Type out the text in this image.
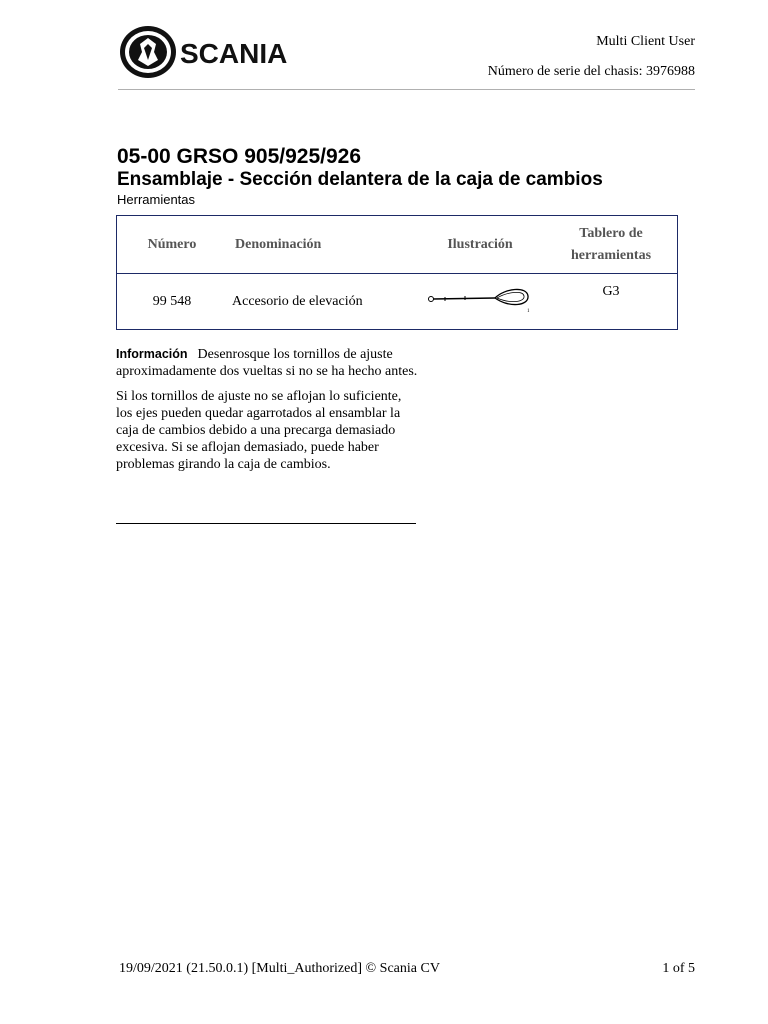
SCANIA	Multi Client User
Número de serie del chasis: 3976988

05-00 GRSO 905/925/926

Ensamblaje - Sección delantera de la caja de cambios

Herramientas

Número	Denominación	Ilustración	Tablero de
herramientas

99 548	Accesorio de elevación	1	G3

Información Desenrosque los tornillos de ajuste aproximadamente dos vueltas si no se ha hecho antes.

Si los tornillos de ajuste no se aflojan lo suficiente, los ejes pueden quedar agarrotados al ensamblar la caja de cambios debido a una precarga demasiado excesiva. Si se aflojan demasiado, puede haber problemas girando la caja de cambios.

19/09/2021 (21.50.0.1) [Multi_Authorized] © Scania CV	1 of 5
